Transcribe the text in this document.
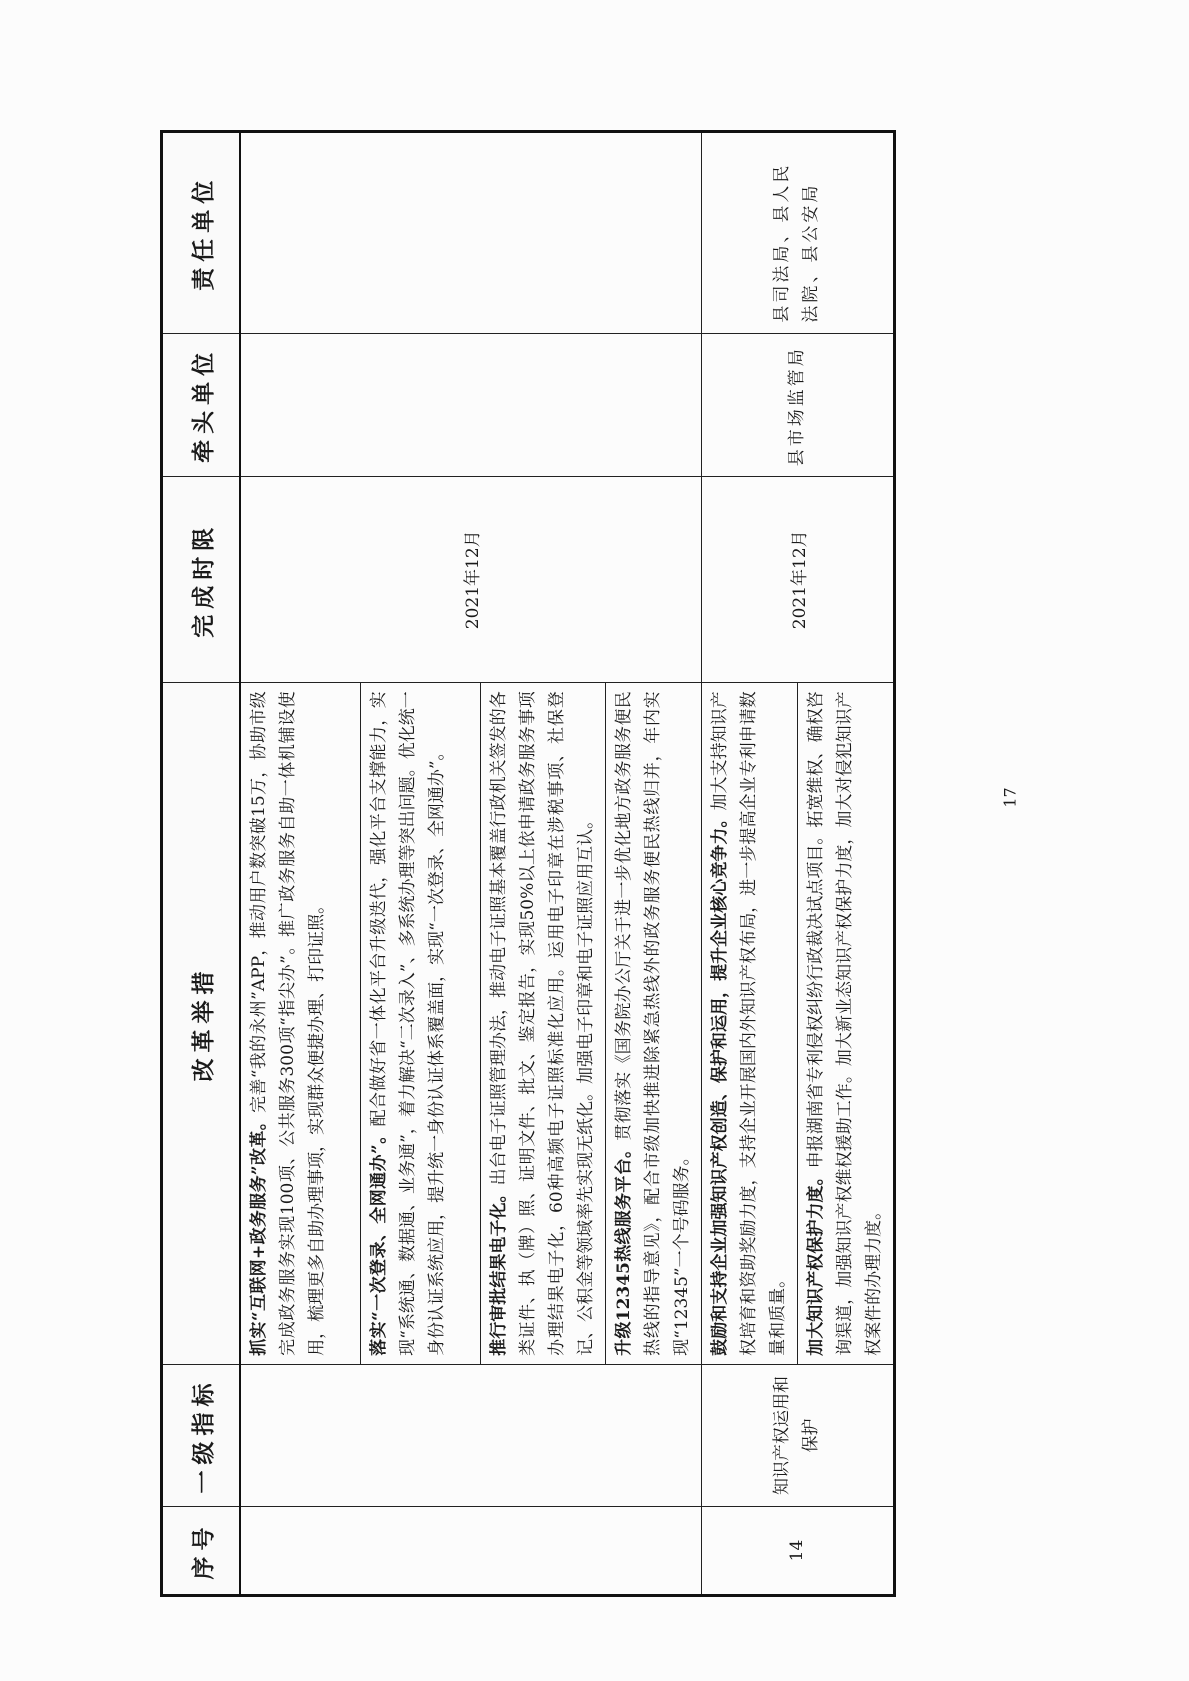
序号	一级指标	改革举措	完成时限	牵头单位	责任单位
		抓实“互联网+政务服务”改革。完善“我的永州”APP，推动用户数突破15万，协助市级完成政务服务实现100项、公共服务300项“指尖办”。推广政务服务自助一体机铺设使用，梳理更多自助办理事项，实现群众便捷办理、打印证照。	2021年12月		
		落实“一次登录、全网通办”。配合做好省一体化平台升级迭代，强化平台支撑能力，实现“系统通、数据通、业务通”，着力解决“二次录入”、多系统办理等突出问题。优化统一身份认证系统应用，提升统一身份认证体系覆盖面，实现“一次登录、全网通办”。			
		推行审批结果电子化。出台电子证照管理办法，推动电子证照基本覆盖行政机关签发的各类证件、执（牌）照、证明文件、批文、鉴定报告，实现50%以上依申请政务服务事项办理结果电子化，60种高频电子证照标准化应用。运用电子印章在涉税事项、社保登记、公积金等领域率先实现无纸化。加强电子印章和电子证照应用互认。			
		升级12345热线服务平台。贯彻落实《国务院办公厅关于进一步优化地方政务服务便民热线的指导意见》，配合市级加快推进除紧急热线外的政务服务便民热线归并，年内实现“12345”一个号码服务。			
14	知识产权运用和保护	鼓励和支持企业加强知识产权创造、保护和运用，提升企业核心竞争力。加大支持知识产权培育和资助奖励力度，支持企业开展国内外知识产权布局，进一步提高企业专利申请数量和质量。	2021年12月	县市场监管局	县司法局、县人民法院、县公安局
		加大知识产权保护力度。申报湖南省专利侵权纠纷行政裁决试点项目。拓宽维权、确权咨询渠道，加强知识产权维权援助工作。加大新业态知识产权保护力度，加大对侵犯知识产权案件的办理力度。			
17
